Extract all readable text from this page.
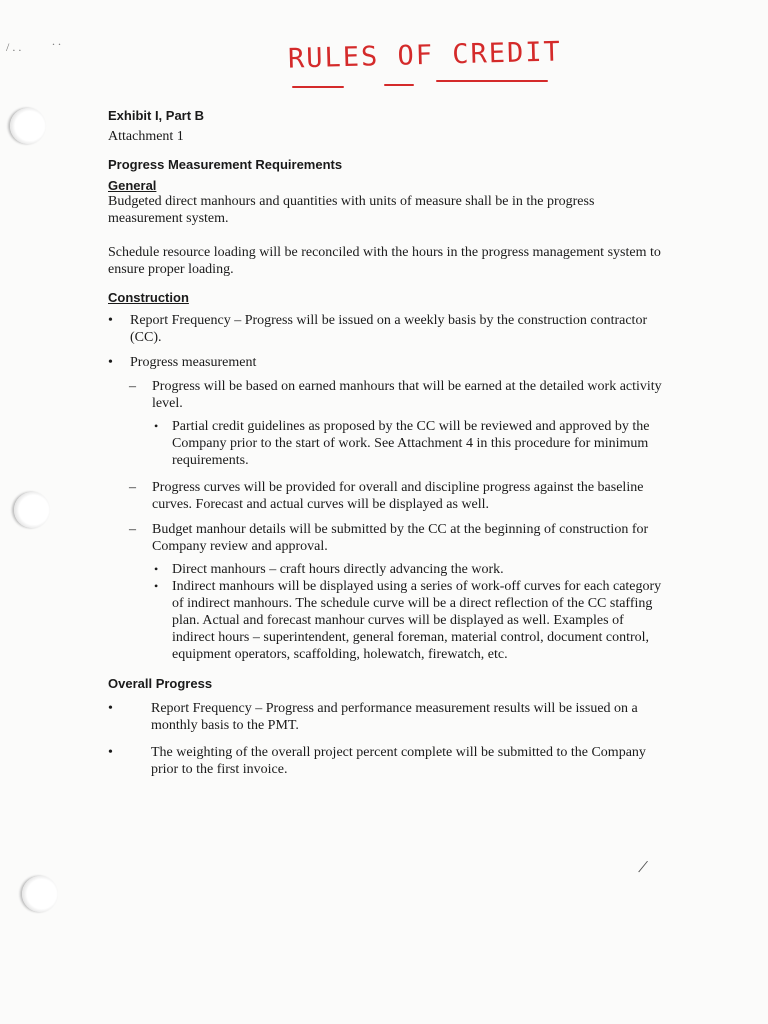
/ . .	. .
/
RULES OF CREDIT
Exhibit I, Part B
Attachment 1
Progress Measurement Requirements
General

Budgeted direct manhours and quantities with units of measure shall be in the progress measurement system.

Schedule resource loading will be reconciled with the hours in the progress management system to ensure proper loading.

Construction
• Report Frequency – Progress will be issued on a weekly basis by the construction contractor (CC).
• Progress measurement
– Progress will be based on earned manhours that will be earned at the detailed work activity level.
• Partial credit guidelines as proposed by the CC will be reviewed and approved by the Company prior to the start of work. See Attachment 4 in this procedure for minimum requirements.
– Progress curves will be provided for overall and discipline progress against the baseline curves. Forecast and actual curves will be displayed as well.
– Budget manhour details will be submitted by the CC at the beginning of construction for Company review and approval.
• Direct manhours – craft hours directly advancing the work.
• Indirect manhours will be displayed using a series of work-off curves for each category of indirect manhours. The schedule curve will be a direct reflection of the CC staffing plan. Actual and forecast manhour curves will be displayed as well. Examples of indirect hours – superintendent, general foreman, material control, document control, equipment operators, scaffolding, holewatch, firewatch, etc.
Overall Progress
•	Report Frequency – Progress and performance measurement results will be issued on a monthly basis to the PMT.
•	The weighting of the overall project percent complete will be submitted to the Company prior to the first invoice.
